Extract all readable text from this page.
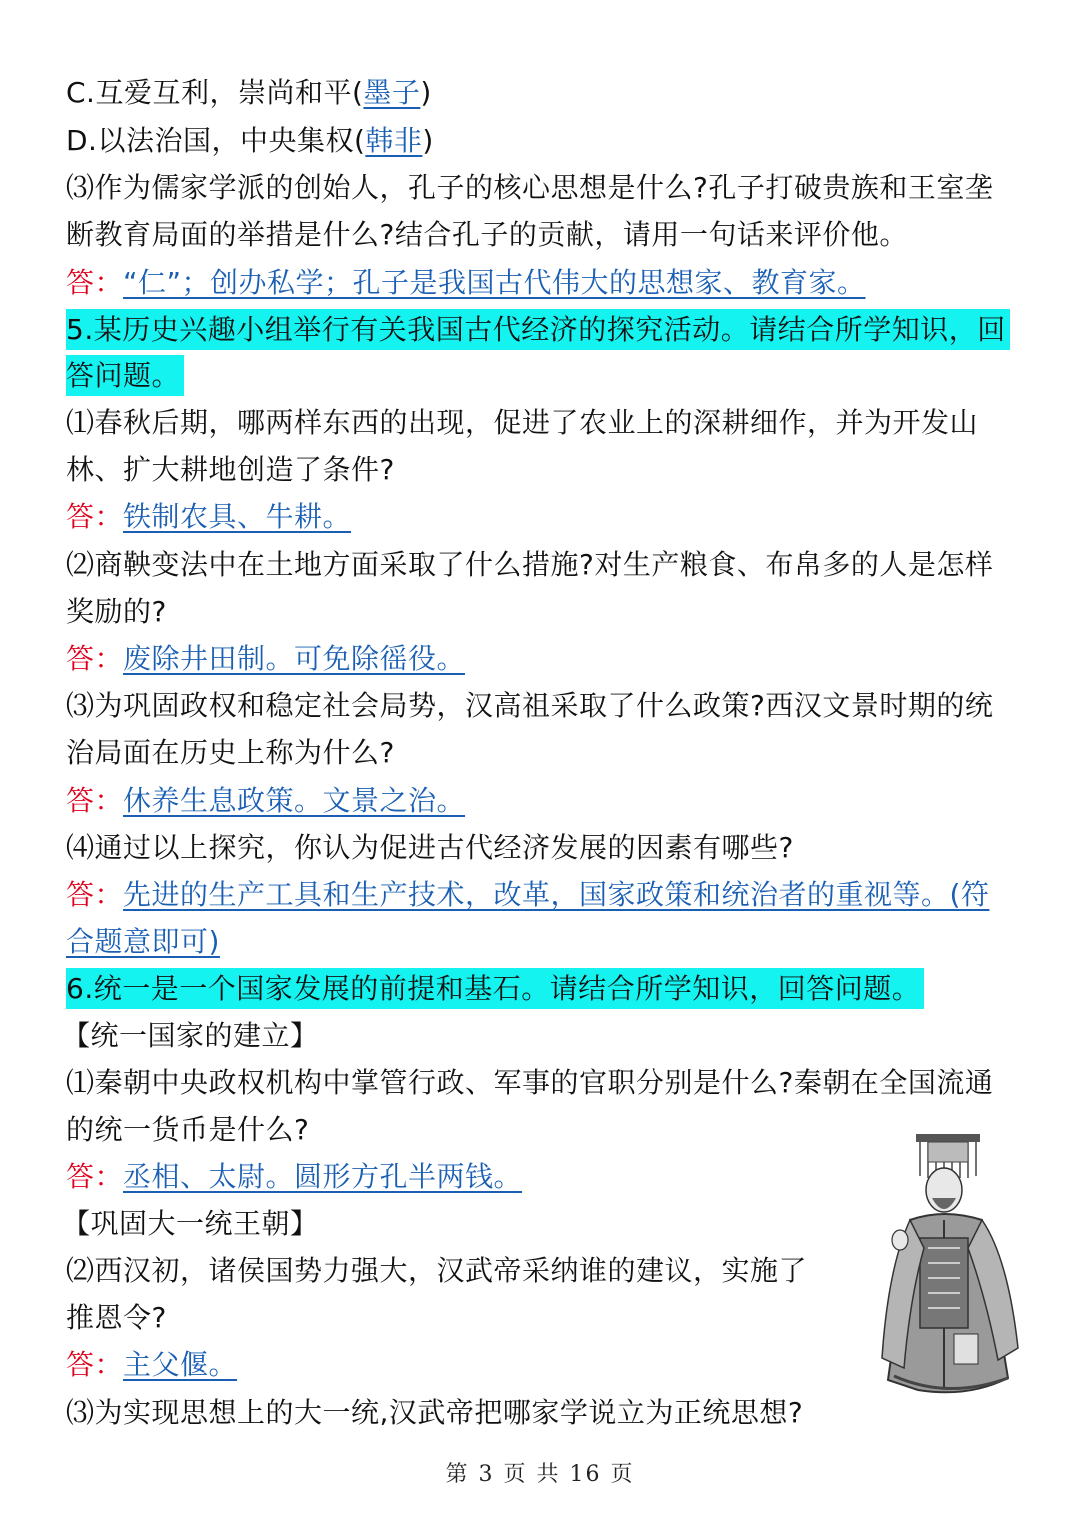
C.互爱互利，崇尚和平(墨子)
D.以法治国，中央集权(韩非)
⑶作为儒家学派的创始人，孔子的核心思想是什么?孔子打破贵族和王室垄
断教育局面的举措是什么?结合孔子的贡献，请用一句话来评价他。
答：“仁”；创办私学；孔子是我国古代伟大的思想家、教育家。
5.某历史兴趣小组举行有关我国古代经济的探究活动。请结合所学知识，回
答问题。
⑴春秋后期，哪两样东西的出现，促进了农业上的深耕细作，并为开发山
林、扩大耕地创造了条件?
答：铁制农具、牛耕。
⑵商鞅变法中在土地方面采取了什么措施?对生产粮食、布帛多的人是怎样
奖励的?
答：废除井田制。可免除徭役。
⑶为巩固政权和稳定社会局势，汉高祖采取了什么政策?西汉文景时期的统
治局面在历史上称为什么?
答：休养生息政策。文景之治。
⑷通过以上探究，你认为促进古代经济发展的因素有哪些?
答：先进的生产工具和生产技术，改革，国家政策和统治者的重视等。(符
合题意即可)
6.统一是一个国家发展的前提和基石。请结合所学知识，回答问题。
【统一国家的建立】
⑴秦朝中央政权机构中掌管行政、军事的官职分别是什么?秦朝在全国流通
的统一货币是什么?
答：丞相、太尉。圆形方孔半两钱。
【巩固大一统王朝】
⑵西汉初，诸侯国势力强大，汉武帝采纳谁的建议，实施了
推恩令?
答：主父偃。
⑶为实现思想上的大一统,汉武帝把哪家学说立为正统思想?
第 3 页 共 16 页
